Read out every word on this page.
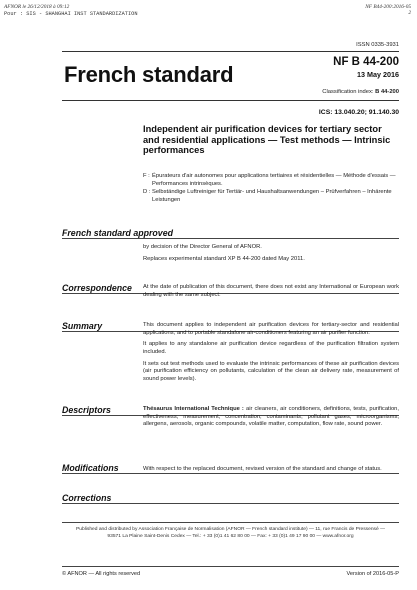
AFNOR le 26/12/2018 à 09:12
Pour : SIS - SHANGHAI INST STANDARDIZATION
NF B44-200:2016-05
2
ISSN 0335-3931
French standard	NF B 44-200
13 May 2016
Classification index: B 44-200
ICS: 13.040.20; 91.140.30
Independent air purification devices for tertiary sector and residential applications — Test methods — Intrinsic performances
F : Épurateurs d'air autonomes pour applications tertiaires et résidentielles — Méthode d'essais — Performances intrinsèques.
D : Selbständige Luftreiniger für Tertiär- und Haushaltsanwendungen – Prüfverfahren – Inhärente Leistungen
French standard approved

by decision of the Director General of AFNOR.

Replaces experimental standard XP B 44-200 dated May 2011.

Correspondence At the date of publication of this document, there does not exist any International or European work dealing with the same subject.

Summary	This document applies to independent air purification devices for tertiary-sector and residential applications, and to portable standalone air-conditioners featuring an air purifier function.

It applies to any standalone air purification device regardless of the purification filtration system included.

It sets out test methods used to evaluate the intrinsic performances of these air purification devices (air purification efficiency on pollutants, calculation of the clean air delivery rate, measurement of sound power levels).

Descriptors	Thésaurus International Technique : air cleaners, air conditioners, definitions, tests, purification, effectiveness, measurement, concentration, contaminants, pollutant gases, microorganisms, allergens, aerosols, organic compounds, volatile matter, computation, flow rate, sound power.

Modifications	With respect to the replaced document, revised version of the standard and change of status.

Corrections
Published and distributed by Association Française de Normalisation (AFNOR — French standard institute) — 11, rue Francis de Pressensé —
93571 La Plaine Saint-Denis Cedex — Tel.: + 33 (0)1 41 62 80 00 — Fax: + 33 (0)1 49 17 90 00 — www.afnor.org
© AFNOR — All rights reserved	Version of 2016-05-P
